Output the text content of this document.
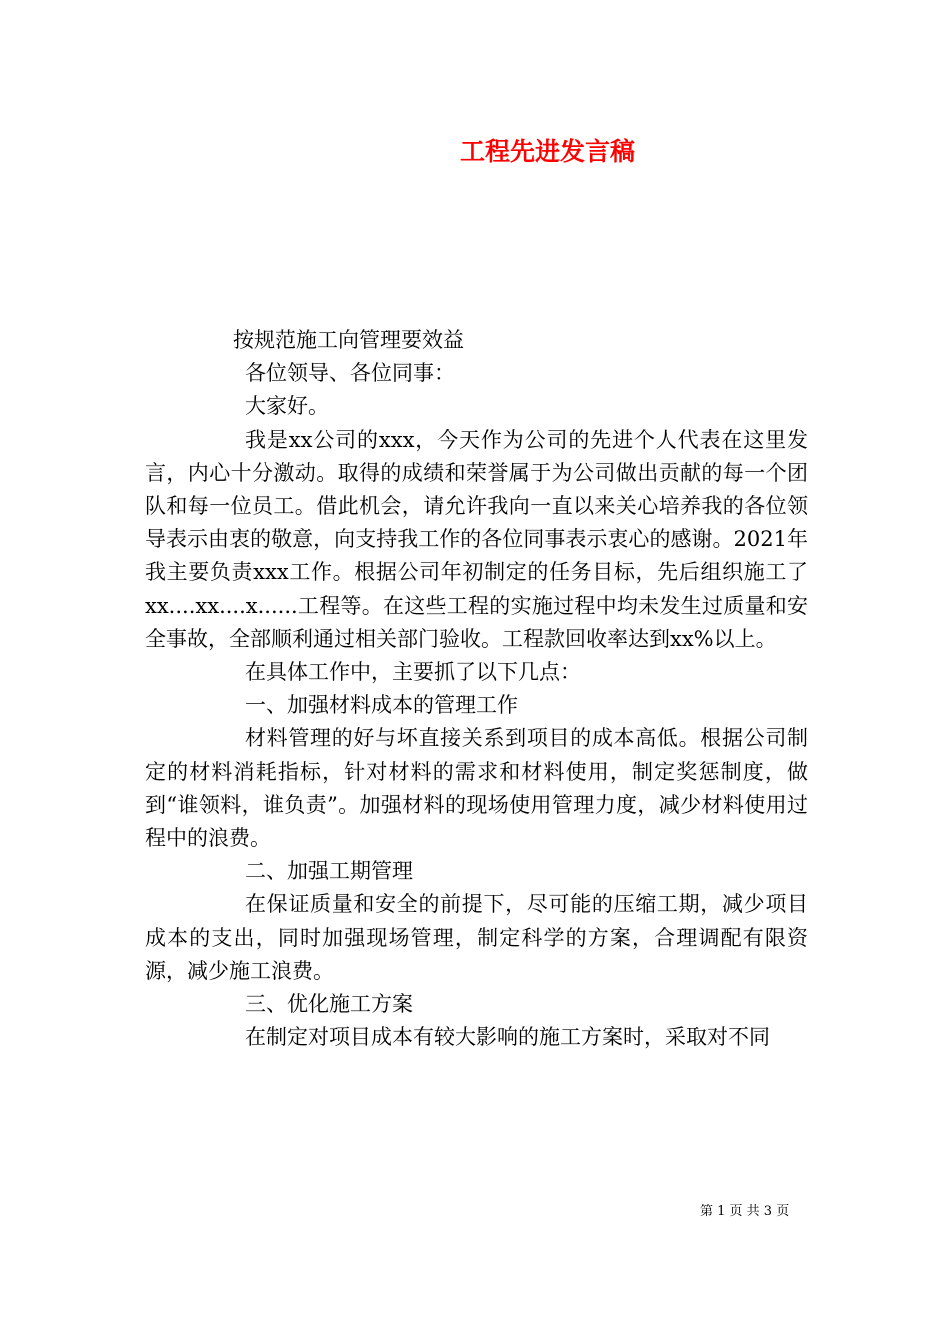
工程先进发言稿

按规范施工向管理要效益

各位领导、各位同事：

大家好。

我是xx公司的xxx，今天作为公司的先进个人代表在这里发言，内心十分激动。取得的成绩和荣誉属于为公司做出贡献的每一个团队和每一位员工。借此机会，请允许我向一直以来关心培养我的各位领导表示由衷的敬意，向支持我工作的各位同事表示衷心的感谢。2021年我主要负责xxx工作。根据公司年初制定的任务目标，先后组织施工了xx....xx....x......工程等。在这些工程的实施过程中均未发生过质量和安全事故，全部顺利通过相关部门验收。工程款回收率达到xx%以上。

在具体工作中，主要抓了以下几点：

一、加强材料成本的管理工作

材料管理的好与坏直接关系到项目的成本高低。根据公司制定的材料消耗指标，针对材料的需求和材料使用，制定奖惩制度，做到“谁领料，谁负责”。加强材料的现场使用管理力度，减少材料使用过程中的浪费。

二、加强工期管理

在保证质量和安全的前提下，尽可能的压缩工期，减少项目成本的支出，同时加强现场管理，制定科学的方案，合理调配有限资源，减少施工浪费。

三、优化施工方案

在制定对项目成本有较大影响的施工方案时，采取对不同

第 1 页 共 3 页
